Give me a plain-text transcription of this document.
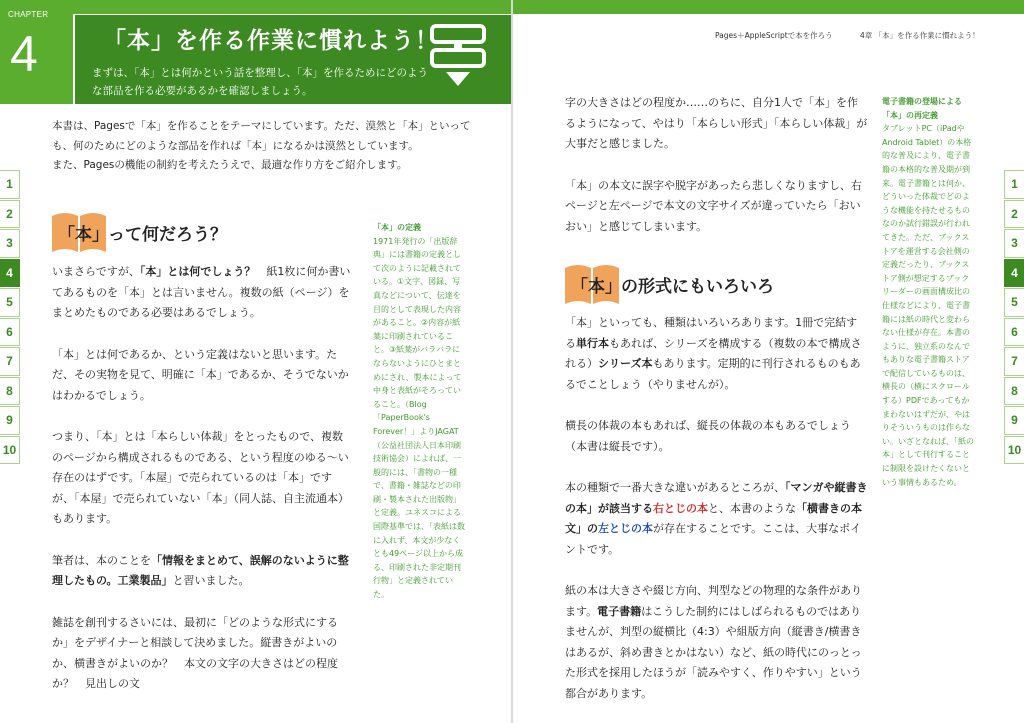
CHAPTER
4	「本」を作る作業に慣れよう！
まずは、「本」とは何かという話を整理し、「本」を作るためにどのような部品を作る必要があるかを確認しましょう。
本書は、Pagesで「本」を作ることをテーマにしています。ただ、漠然と「本」といっても、何のためにどのような部品を作れば「本」になるかは漠然としています。
また、Pagesの機能の制約を考えたうえで、最適な作り方をご紹介します。
「本」 って何だろう？

いまさらですが、「本」とは何でしょう？　紙1枚に何か書いてあるものを「本」とは言いません。複数の紙（ページ）をまとめたものである必要はあるでしょう。

「本」とは何であるか、という定義はないと思います。ただ、その実物を見て、明確に「本」であるか、そうでないかはわかるでしょう。

つまり、「本」とは「本らしい体裁」をとったもので、複数のページから構成されるものである、という程度のゆる〜い存在のはずです。「本屋」で売られているのは「本」ですが、「本屋」で売られていない「本」（同人誌、自主流通本）もあります。

筆者は、本のことを「情報をまとめて、誤解のないように整理したもの。工業製品」と習いました。

雑誌を創刊するさいには、最初に「どのような形式にするか」をデザイナーと相談して決めました。縦書きがよいのか、横書きがよいのか？　本文の文字の大きさはどの程度か？　見出しの文

「本」の定義
1971年発行の「出版辞典」には書籍の定義として次のように記載されている。①文字、図録、写真などについて、伝達を目的として表現した内容があること。②内容が紙葉に印刷されていること。③紙葉がバラバラにならないようにひとまとめにされ、製本によって中身と表紙がそろっていること。（Blog「PaperBook's Forever！」よりJAGAT（公益社団法人日本印刷技術協会）によれば、一般的には、「書物の一種で、書籍・雑誌などの印刷・製本された出版物」と定義。ユネスコによる国際基準では、「表紙は数に入れず、本文が少なくとも49ページ以上から成る、印刷された非定期刊行物」と定義されていた。
1
2
3
4
5
6
7
8
9
10
Pages＋AppleScriptで本を作ろう	4章 「本」を作る作業に慣れよう！

字の大きさはどの程度か……のちに、自分1人で「本」を作るようになって、やはり「本らしい形式」「本らしい体裁」が大事だと感じました。

「本」の本文に誤字や脱字があったら悲しくなりますし、右ページと左ページで本文の文字サイズが違っていたら「おいおい」と感じてしまいます。

「本」 の形式にもいろいろ

「本」といっても、種類はいろいろあります。1冊で完結する単行本もあれば、シリーズを構成する（複数の本で構成される）シリーズ本もあります。定期的に刊行されるものもあるでことしょう（やりませんが）。

横長の体裁の本もあれば、縦長の体裁の本もあるでしょう（本書は縦長です）。

本の種類で一番大きな違いがあるところが、「マンガや縦書きの本」が該当する右とじの本と、本書のような「横書きの本文」の左とじの本が存在することです。ここは、大事なポイントです。

紙の本は大きさや綴じ方向、判型などの物理的な条件があります。電子書籍はこうした制約にはしばられるものではありませんが、判型の縦横比（4:3）や組版方向（縦書き/横書きはあるが、斜め書きとかはない）など、紙の時代にのっとった形式を採用したほうが「読みやすく、作りやすい」という都合があります。

電子書籍の登場による「本」の再定義
タブレットPC（iPadやAndroid Tablet）の本格的な普及により、電子書籍の本格的な普及期が到来。電子書籍とは何か、どういった体裁でどのような機能を持たせるものなのか試行錯誤が行われてきた。ただ、ブックストアを運営する会社側の定義だったり、ブックストア側が想定するブックリーダーの画面構成比の仕様などにより、電子書籍には紙の時代と変わらない仕様が存在。本書のように、独立系のなんでもありな電子書籍ストアで配信しているものは、横長の（横にスクロールする）PDFであってもかまわないはずだが、やはりそういうものは作らない。いざとなれば、「紙の本」として刊行することに制限を設けたくないという事情もあるため。
1
2
3
4
5
6
7
8
9
10
